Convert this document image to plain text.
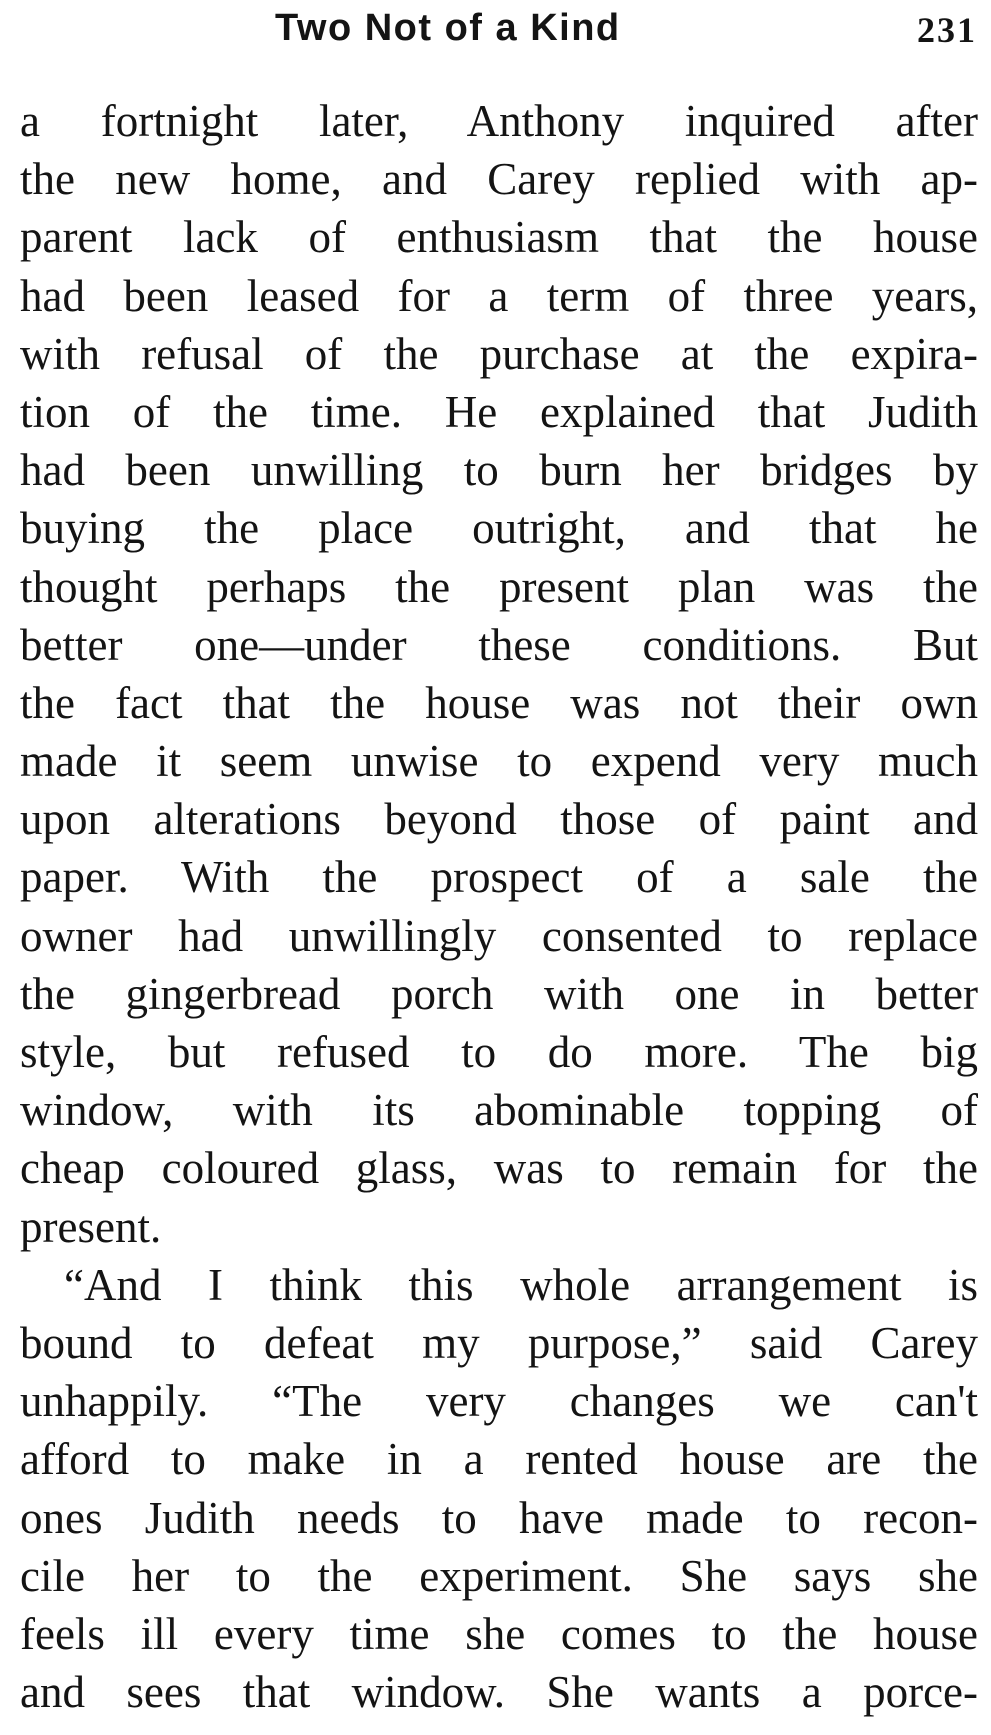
Two Not of a Kind	231
a fortnight later, Anthony inquired after
the new home, and Carey replied with ap-
parent lack of enthusiasm that the house
had been leased for a term of three years,
with refusal of the purchase at the expira-
tion of the time. He explained that Judith
had been unwilling to burn her bridges by
buying the place outright, and that he
thought perhaps the present plan was the
better one—under these conditions. But
the fact that the house was not their own
made it seem unwise to expend very much
upon alterations beyond those of paint and
paper. With the prospect of a sale the
owner had unwillingly consented to replace
the gingerbread porch with one in better
style, but refused to do more. The big
window, with its abominable topping of
cheap coloured glass, was to remain for the
present.
“And I think this whole arrangement is
bound to defeat my purpose,” said Carey
unhappily. “The very changes we can't
afford to make in a rented house are the
ones Judith needs to have made to recon-
cile her to the experiment. She says she
feels ill every time she comes to the house
and sees that window. She wants a porce-
